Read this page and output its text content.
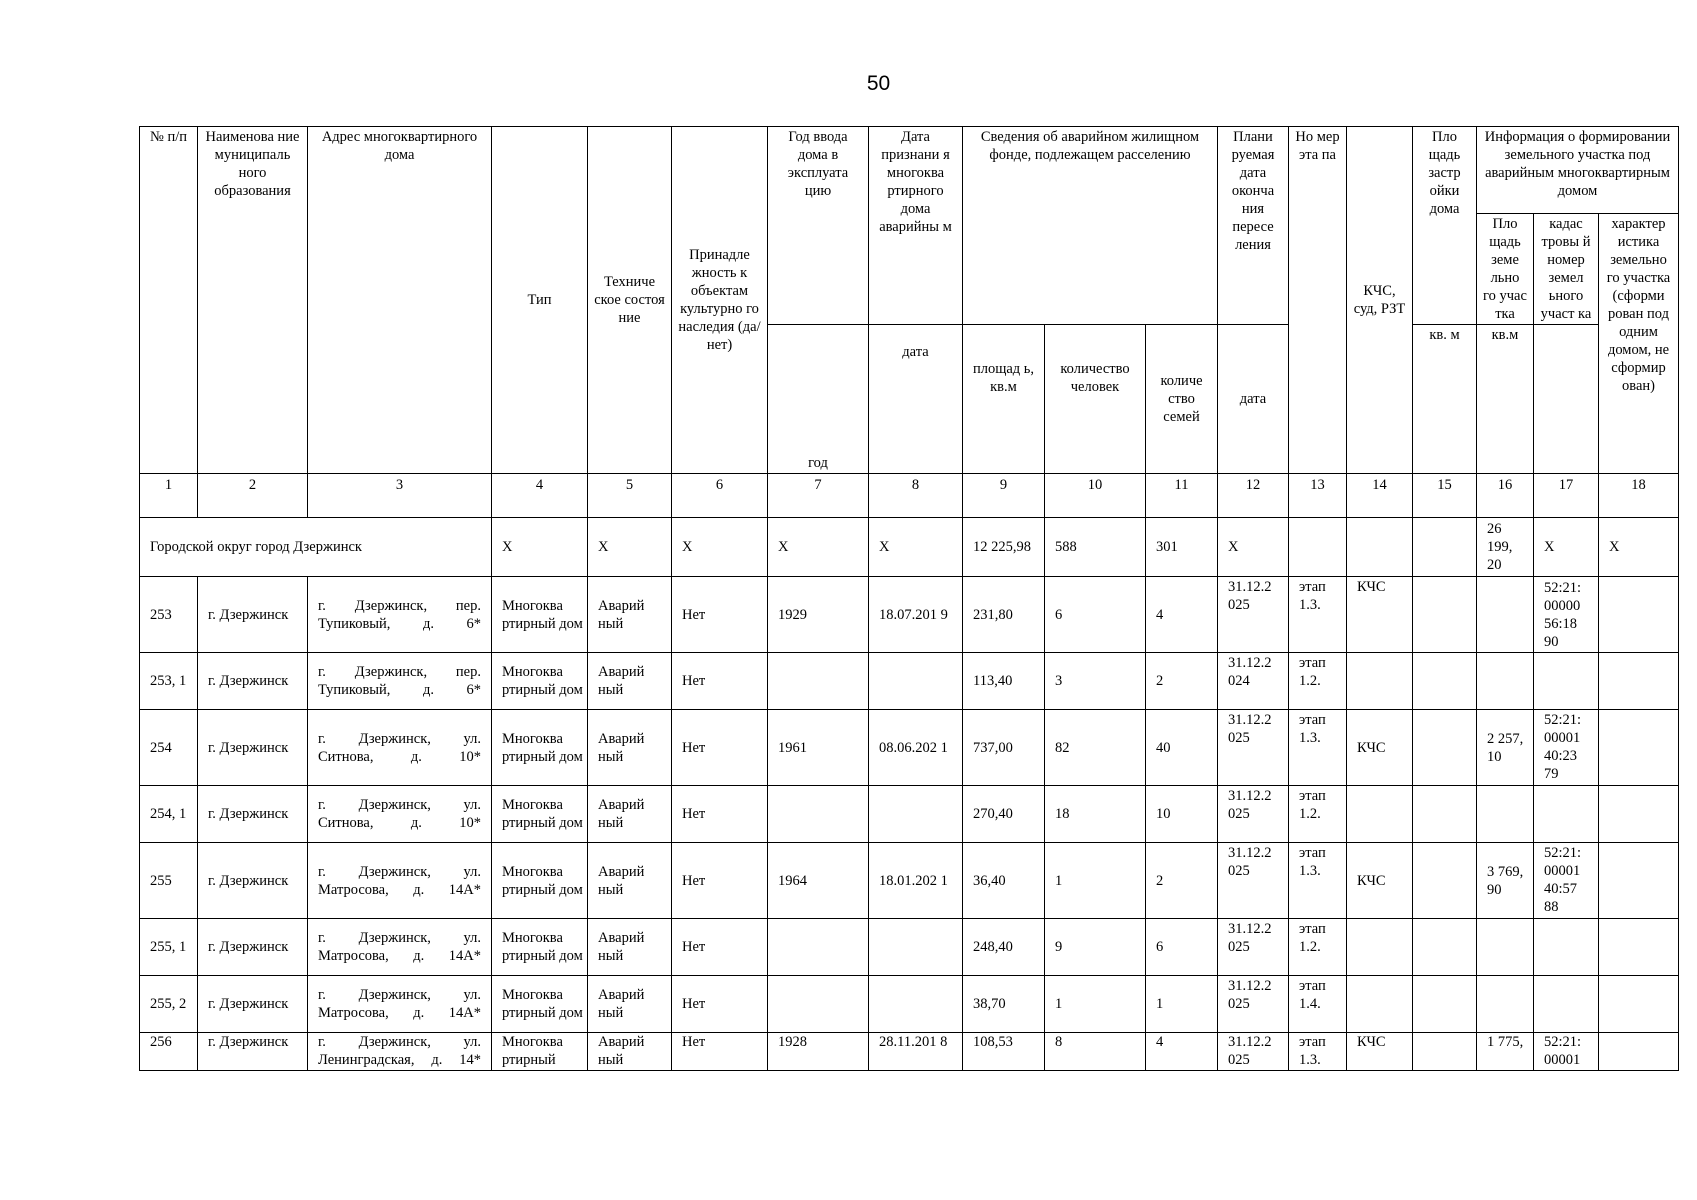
50
№ п/п	Наименова ние муниципаль ного образования	Адрес многоквартирного дома	Тип	Техниче ское состоя ние	Принадле жность к объектам культурно го наследия (да/нет)	Год ввода дома в эксплуата цию	Дата признани я многоква ртирного дома аварийны м	Сведения об аварийном жилищном фонде, подлежащем расселению			Плани руемая дата оконча ния пересе ления	Но мер эта па	КЧС, суд, РЗТ	Пло щадь застр ойки дома	Информация о формировании земельного участка под аварийным многоквартирным домом		
															Пло щадь земе льно го учас тка	кадас тровы й номер земел ьного участ ка	характер истика земельно го участка (сформи рован под одним домом, не сформир ован)
						год	дата	площад ь, кв.м	количество человек	количе ство семей	дата			кв. м	кв.м		
1	2	3	4	5	6	7	8	9	10	11	12	13	14	15	16	17	18
Городской округ город Дзержинск			X	X	X	X	X	12 225,98	588	301	X				26 199, 20	X	X
253	г. Дзержинск	г. Дзержинск, пер. Тупиковый, д. 6*	Многоква ртирный дом	Аварий ный	Нет	1929	18.07.201 9	231,80	6	4	31.12.2 025	этап 1.3.	КЧС			52:21: 00000 56:18 90	
253, 1	г. Дзержинск	г. Дзержинск, пер. Тупиковый, д. 6*	Многоква ртирный дом	Аварий ный	Нет			113,40	3	2	31.12.2 024	этап 1.2.					
254	г. Дзержинск	г. Дзержинск, ул. Ситнова, д. 10*	Многоква ртирный дом	Аварий ный	Нет	1961	08.06.202 1	737,00	82	40	31.12.2 025	этап 1.3.	КЧС		2 257, 10	52:21: 00001 40:23 79	
254, 1	г. Дзержинск	г. Дзержинск, ул. Ситнова, д. 10*	Многоква ртирный дом	Аварий ный	Нет			270,40	18	10	31.12.2 025	этап 1.2.					
255	г. Дзержинск	г. Дзержинск, ул. Матросова, д. 14А*	Многоква ртирный дом	Аварий ный	Нет	1964	18.01.202 1	36,40	1	2	31.12.2 025	этап 1.3.	КЧС		3 769, 90	52:21: 00001 40:57 88	
255, 1	г. Дзержинск	г. Дзержинск, ул. Матросова, д. 14А*	Многоква ртирный дом	Аварий ный	Нет			248,40	9	6	31.12.2 025	этап 1.2.					
255, 2	г. Дзержинск	г. Дзержинск, ул. Матросова, д. 14А*	Многоква ртирный дом	Аварий ный	Нет			38,70	1	1	31.12.2 025	этап 1.4.					
256	г. Дзержинск	г. Дзержинск, ул. Ленинградская, д. 14*	Многоква ртирный	Аварий ный	Нет	1928	28.11.201 8	108,53	8	4	31.12.2 025	этап 1.3.	КЧС		1 775,	52:21: 00001	
